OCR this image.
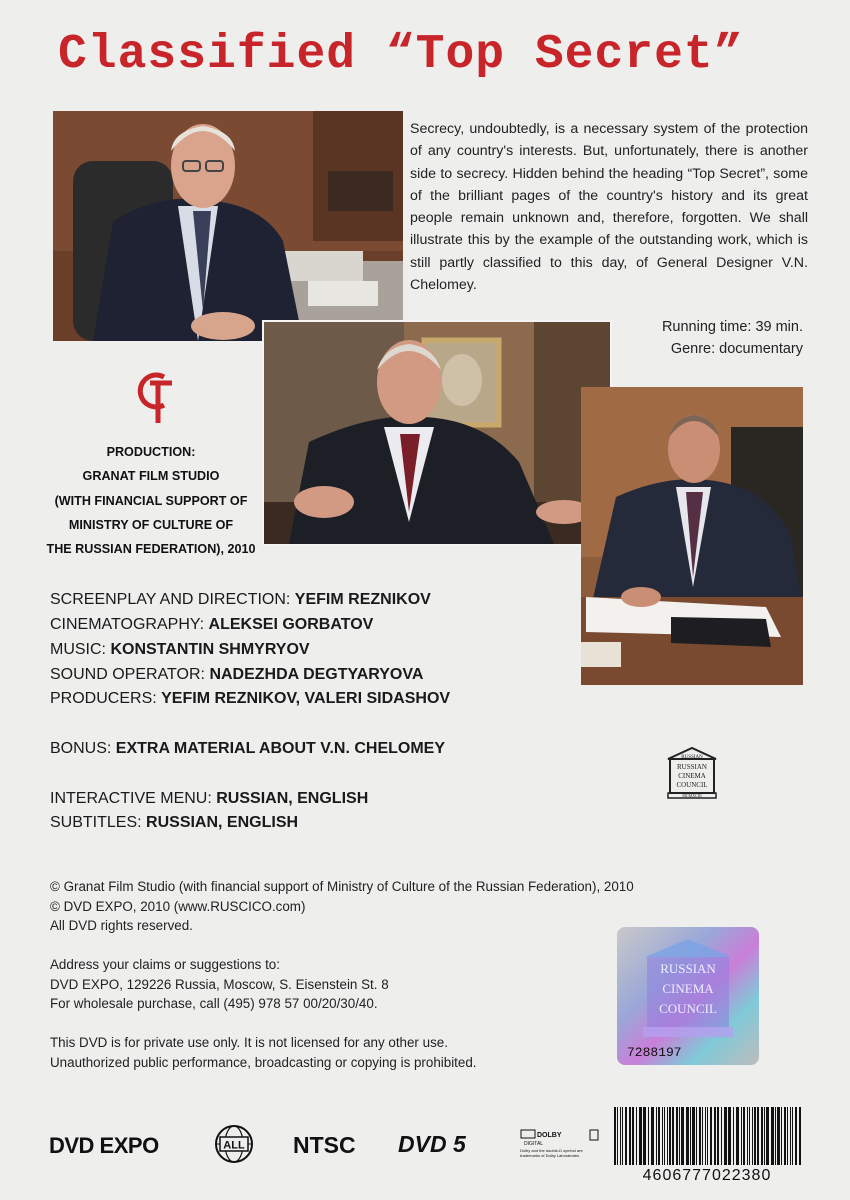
Classified “Top Secret”
Secrecy, undoubtedly, is a necessary system of the protection of any country's interests. But, unfortunately, there is another side to secrecy. Hidden behind the heading “Top Secret”, some of the brilliant pages of the country's history and its great people remain unknown and, therefore, forgotten. We shall illustrate this by the example of the outstanding work, which is still partly classified to this day, of General Designer V.N. Chelomey.
Running time: 39 min.
Genre: documentary
PRODUCTION:
GRANAT FILM STUDIO
(WITH FINANCIAL SUPPORT OF
MINISTRY OF CULTURE OF
THE RUSSIAN FEDERATION), 2010
SCREENPLAY AND DIRECTION: YEFIM REZNIKOV
CINEMATOGRAPHY: ALEKSEI GORBATOV
MUSIC: KONSTANTIN SHMYRYOV
SOUND OPERATOR: NADEZHDA DEGTYARYOVA
PRODUCERS: YEFIM REZNIKOV, VALERI SIDASHOV
BONUS: EXTRA MATERIAL ABOUT V.N. CHELOMEY
INTERACTIVE MENU: RUSSIAN, ENGLISH
SUBTITLES: RUSSIAN, ENGLISH
RUSSIAN
RUSSIAN
CINEMA
COUNCIL
MCMXCIII

© Granat Film Studio (with financial support of Ministry of Culture of the Russian Federation), 2010
© DVD EXPO, 2010 (www.RUSCICO.com)
All DVD rights reserved.

Address your claims or suggestions to:
DVD EXPO, 129226 Russia, Moscow, S. Eisenstein St. 8
For wholesale purchase, call (495) 978 57 00/20/30/40.

This DVD is for private use only. It is not licensed for any other use.
Unauthorized public performance, broadcasting or copying is prohibited.

RUSSIAN
CINEMA
COUNCIL
7288197
DVD EXPO	ALL NTSC DVD 5	DOLBY
DIGITAL
Dolby and the double-D symbol are trademarks of Dolby Laboratories
4606777022380
